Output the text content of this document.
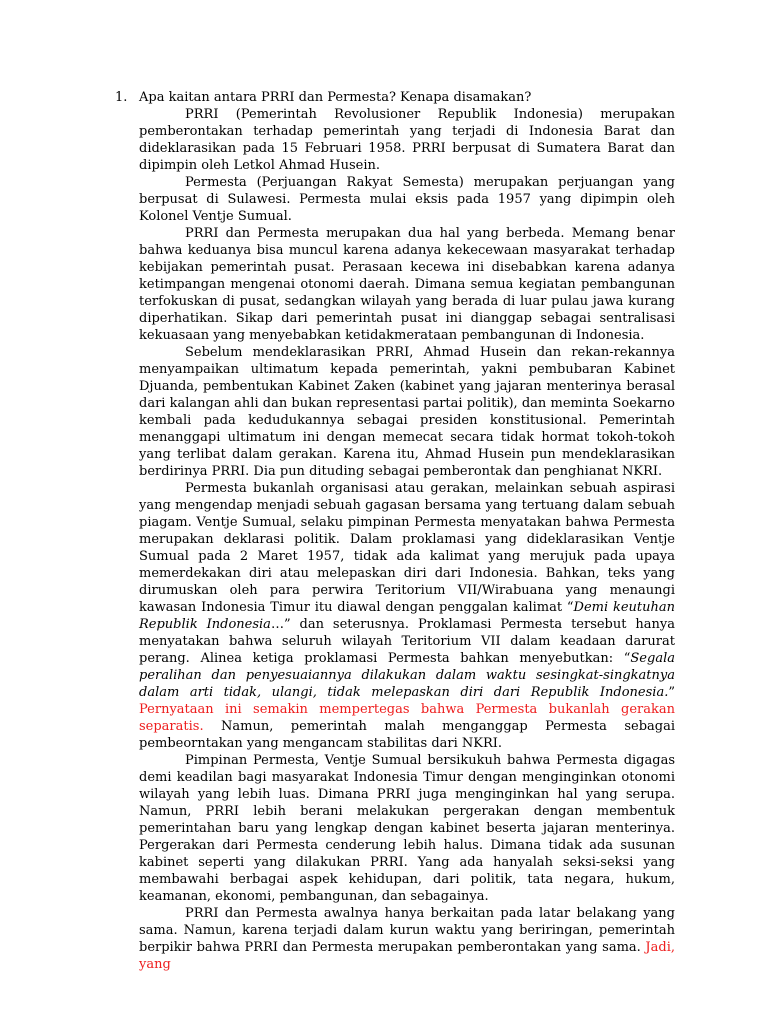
1. Apa kaitan antara PRRI dan Permesta? Kenapa disamakan?

PRRI (Pemerintah Revolusioner Republik Indonesia) merupakan pemberontakan terhadap pemerintah yang terjadi di Indonesia Barat dan dideklarasikan pada 15 Februari 1958. PRRI berpusat di Sumatera Barat dan dipimpin oleh Letkol Ahmad Husein.

Permesta (Perjuangan Rakyat Semesta) merupakan perjuangan yang berpusat di Sulawesi. Permesta mulai eksis pada 1957 yang dipimpin oleh Kolonel Ventje Sumual.

PRRI dan Permesta merupakan dua hal yang berbeda. Memang benar bahwa keduanya bisa muncul karena adanya kekecewaan masyarakat terhadap kebijakan pemerintah pusat. Perasaan kecewa ini disebabkan karena adanya ketimpangan mengenai otonomi daerah. Dimana semua kegiatan pembangunan terfokuskan di pusat, sedangkan wilayah yang berada di luar pulau jawa kurang diperhatikan. Sikap dari pemerintah pusat ini dianggap sebagai sentralisasi kekuasaan yang menyebabkan ketidakmerataan pembangunan di Indonesia.

Sebelum mendeklarasikan PRRI, Ahmad Husein dan rekan-rekannya menyampaikan ultimatum kepada pemerintah, yakni pembubaran Kabinet Djuanda, pembentukan Kabinet Zaken (kabinet yang jajaran menterinya berasal dari kalangan ahli dan bukan representasi partai politik), dan meminta Soekarno kembali pada kedudukannya sebagai presiden konstitusional. Pemerintah menanggapi ultimatum ini dengan memecat secara tidak hormat tokoh-tokoh yang terlibat dalam gerakan. Karena itu, Ahmad Husein pun mendeklarasikan berdirinya PRRI. Dia pun dituding sebagai pemberontak dan penghianat NKRI.

Permesta bukanlah organisasi atau gerakan, melainkan sebuah aspirasi yang mengendap menjadi sebuah gagasan bersama yang tertuang dalam sebuah piagam. Ventje Sumual, selaku pimpinan Permesta menyatakan bahwa Permesta merupakan deklarasi politik. Dalam proklamasi yang dideklarasikan Ventje Sumual pada 2 Maret 1957, tidak ada kalimat yang merujuk pada upaya memerdekakan diri atau melepaskan diri dari Indonesia. Bahkan, teks yang dirumuskan oleh para perwira Teritorium VII/Wirabuana yang menaungi kawasan Indonesia Timur itu diawal dengan penggalan kalimat “Demi keutuhan Republik Indonesia…” dan seterusnya. Proklamasi Permesta tersebut hanya menyatakan bahwa seluruh wilayah Teritorium VII dalam keadaan darurat perang. Alinea ketiga proklamasi Permesta bahkan menyebutkan: “Segala peralihan dan penyesuaiannya dilakukan dalam waktu sesingkat-singkatnya dalam arti tidak, ulangi, tidak melepaskan diri dari Republik Indonesia.” Pernyataan ini semakin mempertegas bahwa Permesta bukanlah gerakan separatis. Namun, pemerintah malah menganggap Permesta sebagai pembeorntakan yang mengancam stabilitas dari NKRI.

Pimpinan Permesta, Ventje Sumual bersikukuh bahwa Permesta digagas demi keadilan bagi masyarakat Indonesia Timur dengan menginginkan otonomi wilayah yang lebih luas. Dimana PRRI juga menginginkan hal yang serupa. Namun, PRRI lebih berani melakukan pergerakan dengan membentuk pemerintahan baru yang lengkap dengan kabinet beserta jajaran menterinya. Pergerakan dari Permesta cenderung lebih halus. Dimana tidak ada susunan kabinet seperti yang dilakukan PRRI. Yang ada hanyalah seksi-seksi yang membawahi berbagai aspek kehidupan, dari politik, tata negara, hukum, keamanan, ekonomi, pembangunan, dan sebagainya.

PRRI dan Permesta awalnya hanya berkaitan pada latar belakang yang sama. Namun, karena terjadi dalam kurun waktu yang beriringan, pemerintah berpikir bahwa PRRI dan Permesta merupakan pemberontakan yang sama. Jadi, yang
